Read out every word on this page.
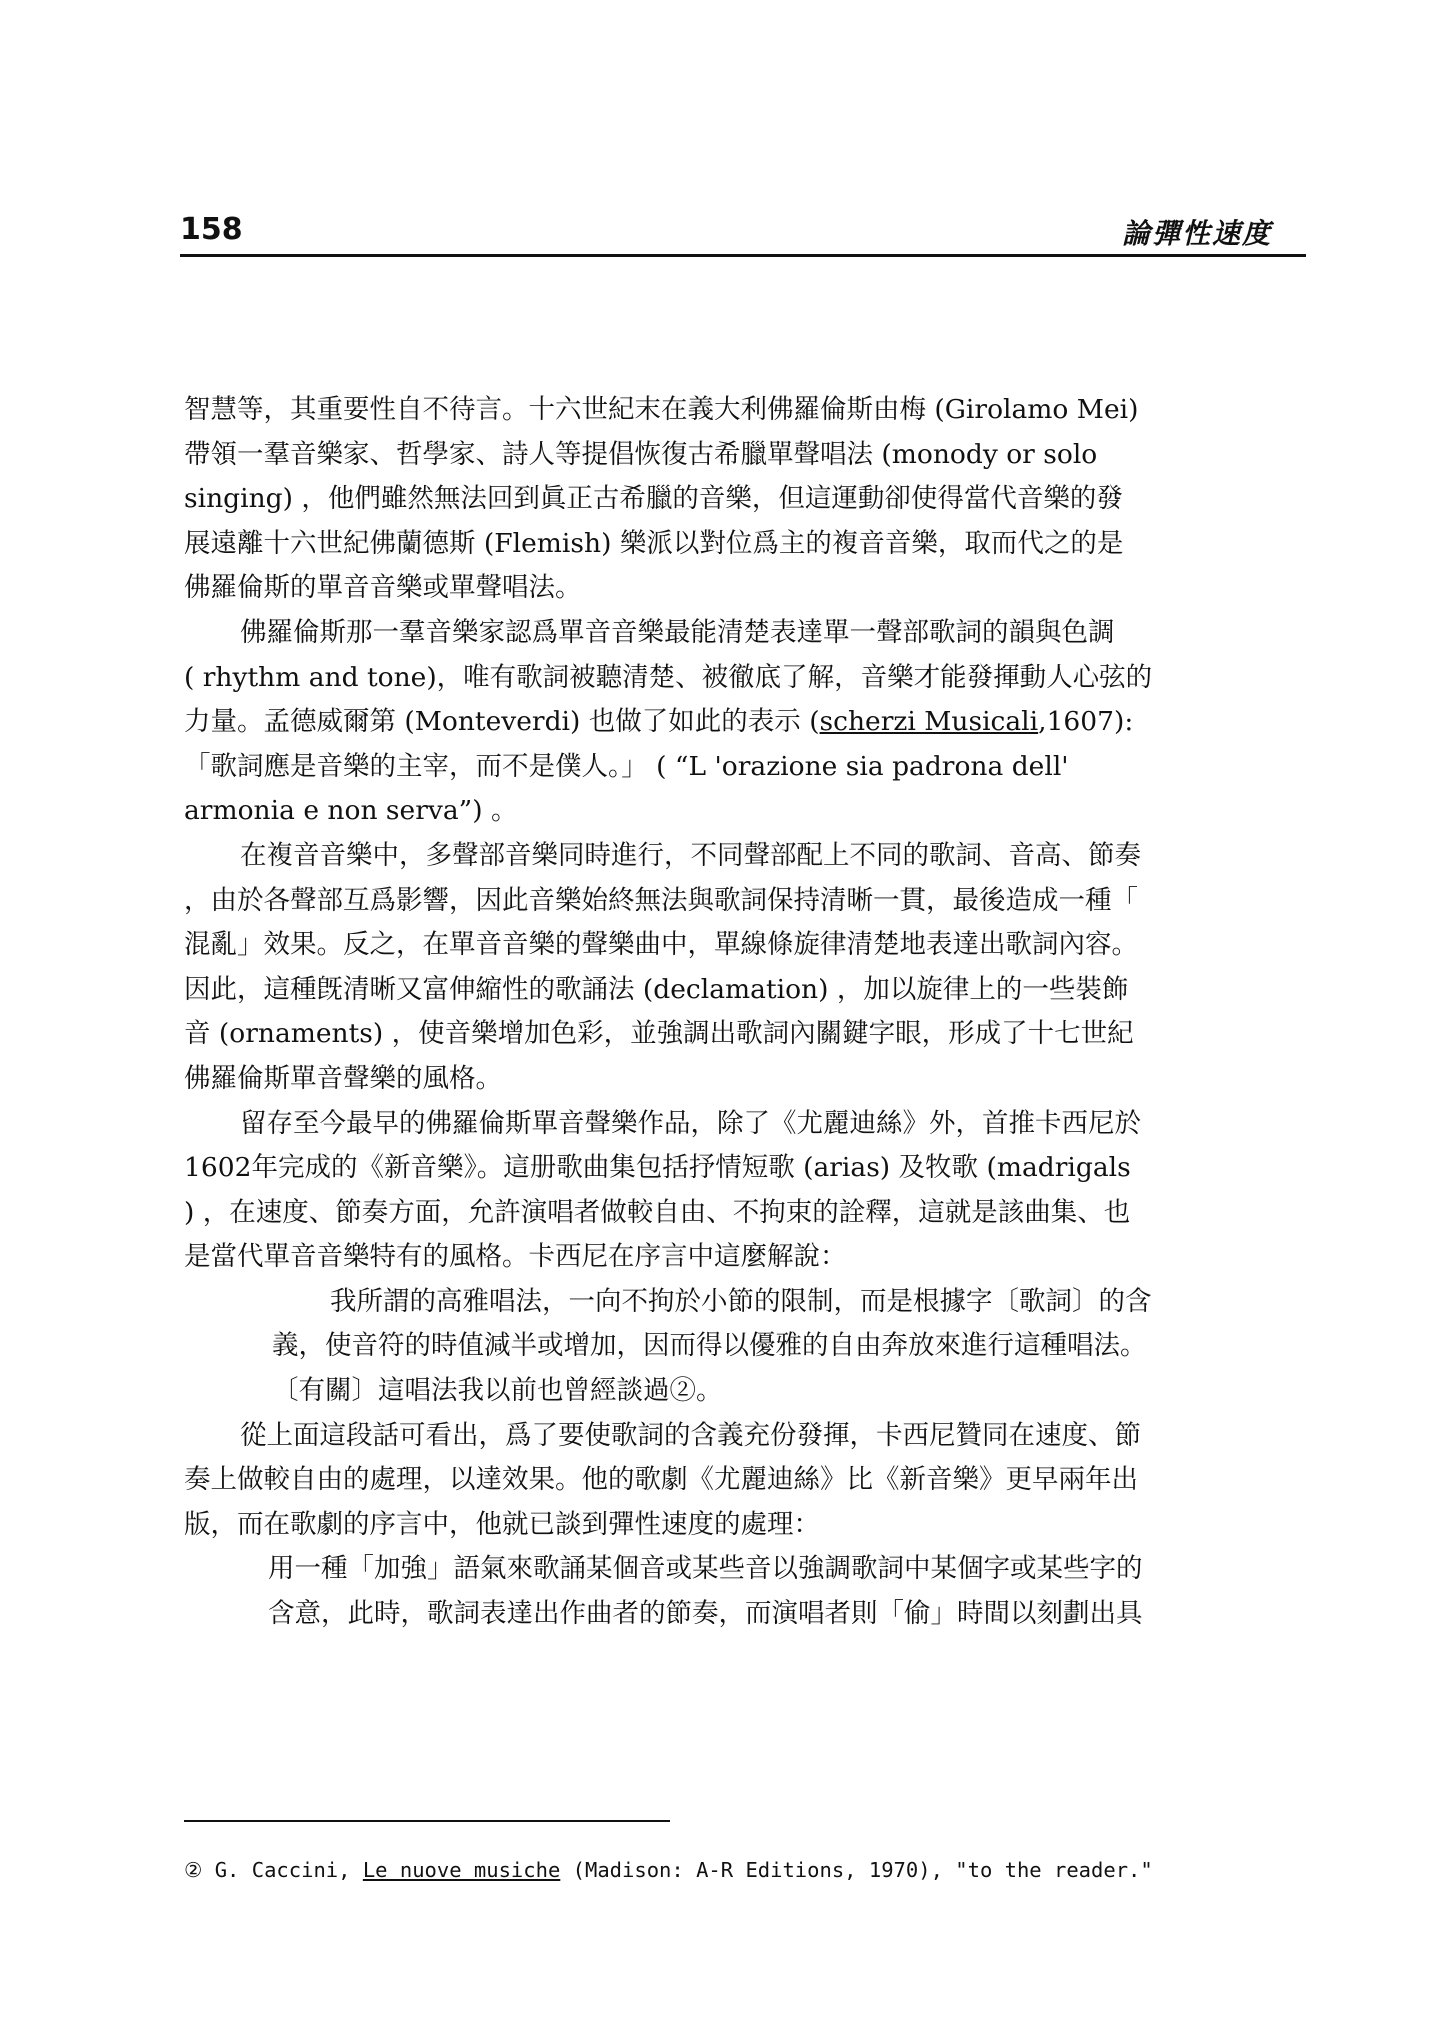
158	論彈性速度
智慧等，其重要性自不待言。十六世紀末在義大利佛羅倫斯由梅 (Girolamo Mei)
帶領一羣音樂家、哲學家、詩人等提倡恢復古希臘單聲唱法 (monody or solo
singing) ，他們雖然無法回到眞正古希臘的音樂，但這運動卻使得當代音樂的發
展遠離十六世紀佛蘭德斯 (Flemish) 樂派以對位爲主的複音音樂，取而代之的是
佛羅倫斯的單音音樂或單聲唱法。
佛羅倫斯那一羣音樂家認爲單音音樂最能清楚表達單一聲部歌詞的韻與色調
( rhythm and tone)，唯有歌詞被聽清楚、被徹底了解，音樂才能發揮動人心弦的
力量。孟德威爾第 (Monteverdi) 也做了如此的表示 (scherzi Musicali,1607):
「歌詞應是音樂的主宰，而不是僕人。」 ( “L 'orazione sia padrona dell'
armonia e non serva”) 。
在複音音樂中，多聲部音樂同時進行，不同聲部配上不同的歌詞、音高、節奏
，由於各聲部互爲影響，因此音樂始終無法與歌詞保持清晰一貫，最後造成一種「
混亂」效果。反之，在單音音樂的聲樂曲中，單線條旋律清楚地表達出歌詞內容。
因此，這種旣清晰又富伸縮性的歌誦法 (declamation) ，加以旋律上的一些裝飾
音 (ornaments) ，使音樂增加色彩，並強調出歌詞內關鍵字眼，形成了十七世紀
佛羅倫斯單音聲樂的風格。
留存至今最早的佛羅倫斯單音聲樂作品，除了《尤麗迪絲》外，首推卡西尼於
1602年完成的《新音樂》。這册歌曲集包括抒情短歌 (arias) 及牧歌 (madrigals
) ，在速度、節奏方面，允許演唱者做較自由、不拘束的詮釋，這就是該曲集、也
是當代單音音樂特有的風格。卡西尼在序言中這麼解說：
我所謂的高雅唱法，一向不拘於小節的限制，而是根據字〔歌詞〕的含
義，使音符的時值減半或增加，因而得以優雅的自由奔放來進行這種唱法。
〔有關〕這唱法我以前也曾經談過②。
從上面這段話可看出，爲了要使歌詞的含義充份發揮，卡西尼贊同在速度、節
奏上做較自由的處理，以達效果。他的歌劇《尤麗迪絲》比《新音樂》更早兩年出
版，而在歌劇的序言中，他就已談到彈性速度的處理：
用一種「加強」語氣來歌誦某個音或某些音以強調歌詞中某個字或某些字的
含意，此時，歌詞表達出作曲者的節奏，而演唱者則「偷」時間以刻劃出具
② G. Caccini, Le nuove musiche (Madison: A-R Editions, 1970), "to the reader."
